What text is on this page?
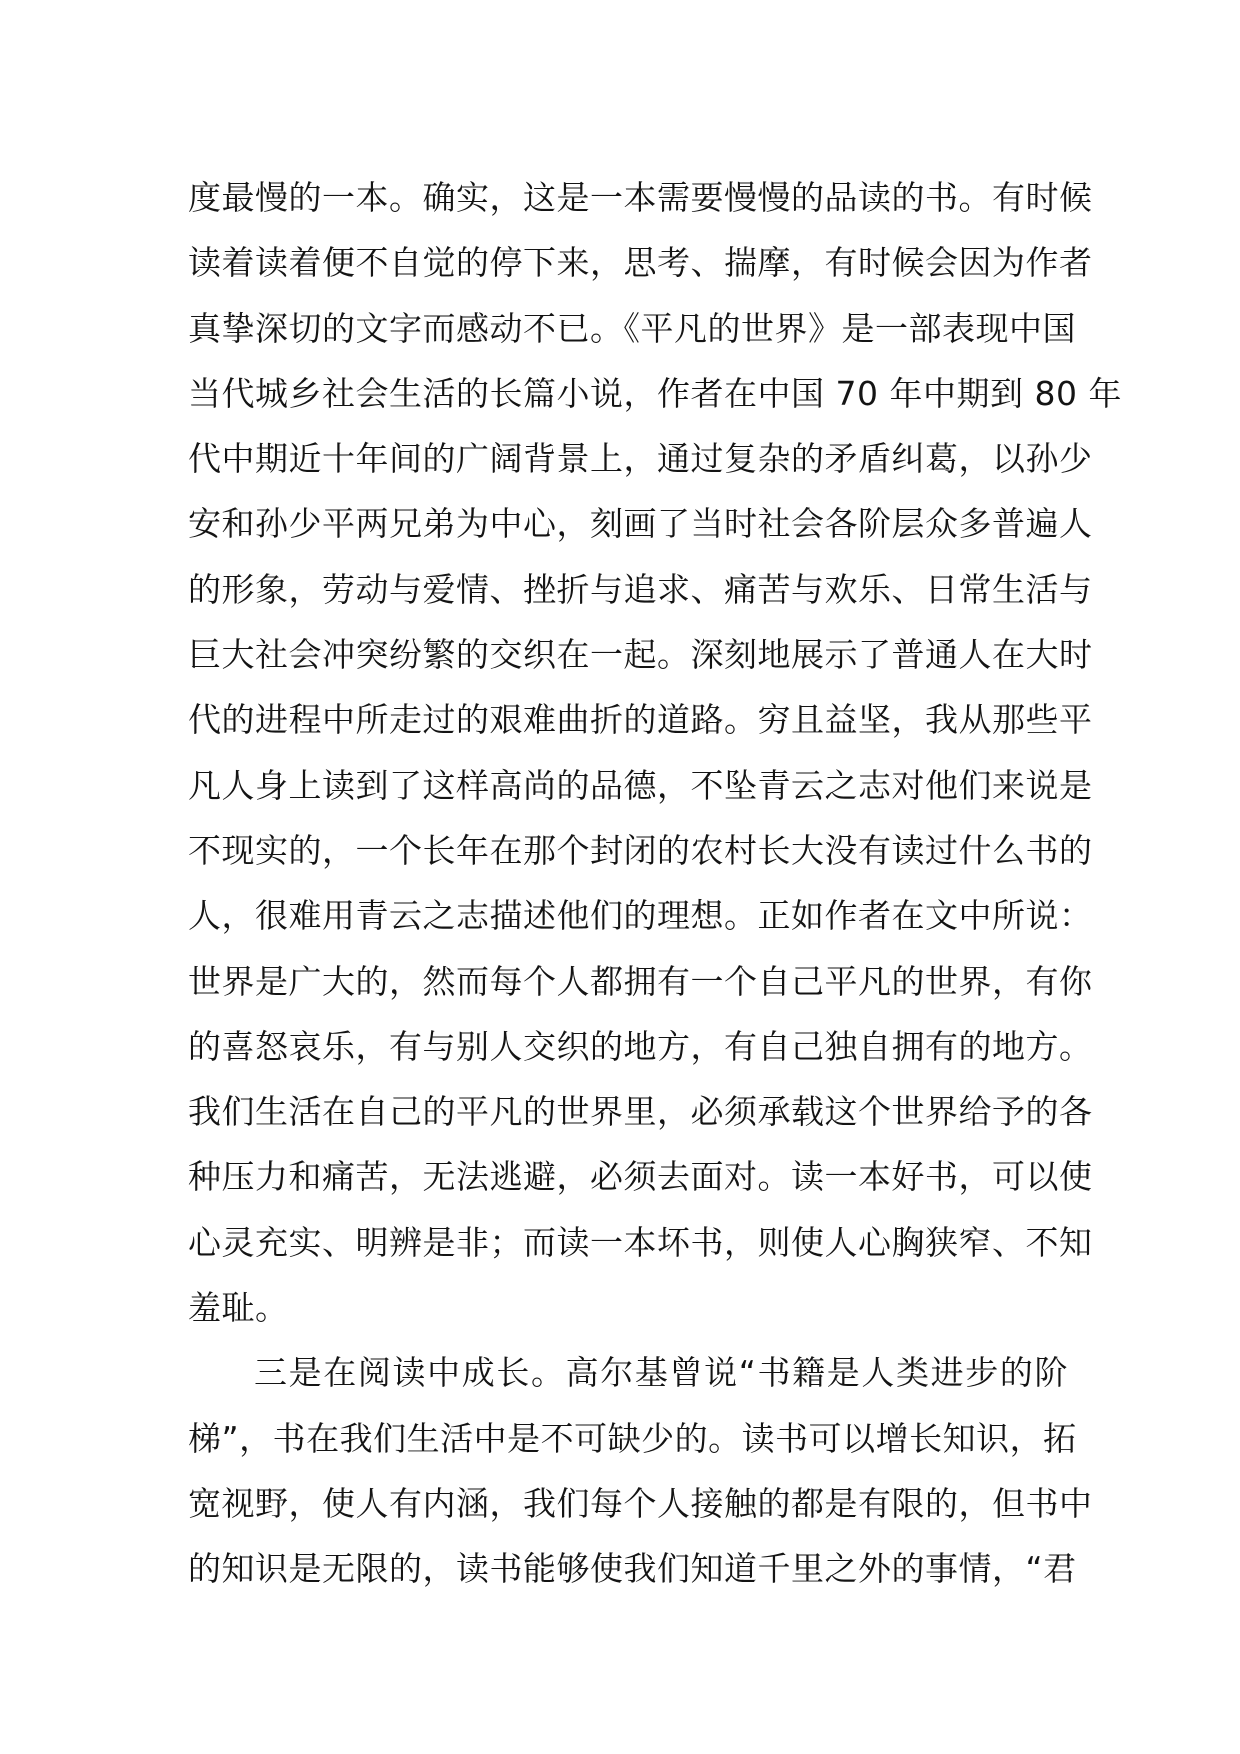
度最慢的一本。确实，这是一本需要慢慢的品读的书。有时候
读着读着便不自觉的停下来，思考、揣摩，有时候会因为作者
真挚深切的文字而感动不已。《平凡的世界》是一部表现中国
当代城乡社会生活的长篇小说，作者在中国 70 年中期到 80 年
代中期近十年间的广阔背景上，通过复杂的矛盾纠葛，以孙少
安和孙少平两兄弟为中心，刻画了当时社会各阶层众多普遍人
的形象，劳动与爱情、挫折与追求、痛苦与欢乐、日常生活与
巨大社会冲突纷繁的交织在一起。深刻地展示了普通人在大时
代的进程中所走过的艰难曲折的道路。穷且益坚，我从那些平
凡人身上读到了这样高尚的品德，不坠青云之志对他们来说是
不现实的，一个长年在那个封闭的农村长大没有读过什么书的
人，很难用青云之志描述他们的理想。正如作者在文中所说：
世界是广大的，然而每个人都拥有一个自己平凡的世界，有你
的喜怒哀乐，有与别人交织的地方，有自己独自拥有的地方。
我们生活在自己的平凡的世界里，必须承载这个世界给予的各
种压力和痛苦，无法逃避，必须去面对。读一本好书，可以使
心灵充实、明辨是非；而读一本坏书，则使人心胸狭窄、不知
羞耻。
三是在阅读中成长。高尔基曾说“书籍是人类进步的阶
梯”，书在我们生活中是不可缺少的。读书可以增长知识，拓
宽视野，使人有内涵，我们每个人接触的都是有限的，但书中
的知识是无限的，读书能够使我们知道千里之外的事情，“君
